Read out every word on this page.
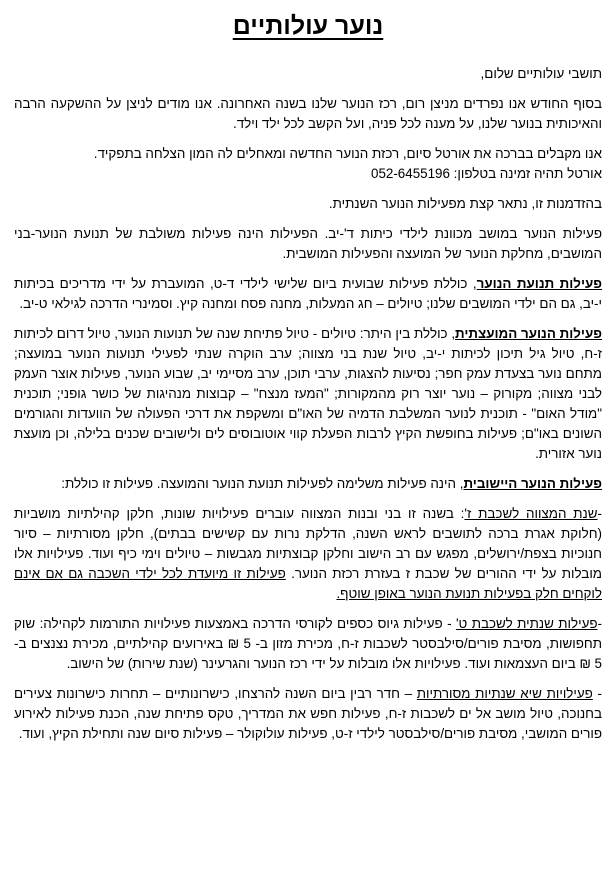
נוער עולותיים

תושבי עולותיים שלום,

בסוף החודש אנו נפרדים מניצן רום, רכז הנוער שלנו בשנה האחרונה. אנו מודים לניצן על ההשקעה הרבה והאיכותית בנוער שלנו, על מענה לכל פניה, ועל הקשב לכל ילד וילד.

אנו מקבלים בברכה את אורטל סיום, רכזת הנוער החדשה ומאחלים לה המון הצלחה בתפקיד.
אורטל תהיה זמינה בטלפון: 052-6455196

בהזדמנות זו, נתאר קצת מפעילות הנוער השנתית.

פעילות הנוער במושב מכוונת לילדי כיתות ד'-יב. הפעילות הינה פעילות משולבת של תנועת הנוער-בני המושבים, מחלקת הנוער של המועצה והפעילות המושבית.

פעילות תנועת הנוער, כוללת פעילות שבועית ביום שלישי לילדי ד-ט, המועברת על ידי מדריכים בכיתות י-יב, גם הם ילדי המושבים שלנו; טיולים – חג המעלות, מחנה פסח ומחנה קיץ. וסמינרי הדרכה לגילאי ט-יב.

פעילות הנוער המועצתית, כוללת בין היתר: טיולים - טיול פתיחת שנה של תנועות הנוער, טיול דרום לכיתות ז-ח, טיול גיל תיכון לכיתות י-יב, טיול שנת בני מצווה; ערב הוקרה שנתי לפעילי תנועות הנוער במועצה; מתחם נוער בצעדת עמק חפר; נסיעות להצגות, ערבי תוכן, ערב מסיימי יב, שבוע הנוער, פעילות אוצר העמק לבני מצווה; מקורוק – נוער יוצר רוק מהמקורות; "המעז מנצח" – קבוצות מנהיגות של כושר גופני; תוכנית "מודל האום" - תוכנית לנוער המשלבת הדמיה של האו"ם ומשקפת את דרכי הפעולה של הוועדות והגורמים השונים באו"ם; פעילות בחופשת הקיץ לרבות הפעלת קווי אוטובוסים לים ולישובים שכנים בלילה, וכן מועצת נוער אזורית.

פעילות הנוער היישובית, הינה פעילות משלימה לפעילות תנועת הנוער והמועצה. פעילות זו כוללת:

-שנת המצווה לשכבת ז': בשנה זו בני ובנות המצווה עוברים פעילויות שונות, חלקן קהילתיות מושביות (חלוקת אגרת ברכה לתושבים לראש השנה, הדלקת נרות עם קשישים בבתים), חלקן מסורתיות – סיור חנוכיות בצפת/ירושלים, מפגש עם רב הישוב וחלקן קבוצתיות מגבשות – טיולים וימי כיף ועוד. פעילויות אלו מובלות על ידי ההורים של שכבת ז בעזרת רכזת הנוער. פעילות זו מיועדת לכל ילדי השכבה גם אם אינם לוקחים חלק בפעילות תנועת הנוער באופן שוטף.

-פעילות שנתית לשכבת ט' - פעילות גיוס כספים לקורסי הדרכה באמצעות פעילויות התורמות לקהילה: שוק תחפושות, מסיבת פורים/סילבסטר לשכבות ז-ח, מכירת מזון ב- 5 ₪ באירועים קהילתיים, מכירת נצנצים ב- 5 ₪ ביום העצמאות ועוד. פעילויות אלו מובלות על ידי רכז הנוער והגרעינר (שנת שירות) של הישוב.

- פעילויות שיא שנתיות מסורתיות – חדר רבין ביום השנה להרצחו, כישרונותיים – תחרות כישרונות צעירים בחנוכה, טיול מושב אל ים לשכבות ז-ח, פעילות חפש את המדריך, טקס פתיחת שנה, הכנת פעילות לאירוע פורים המושבי, מסיבת פורים/סילבסטר לילדי ז-ט, פעילות עולוקולר – פעילות סיום שנה ותחילת הקיץ, ועוד.
